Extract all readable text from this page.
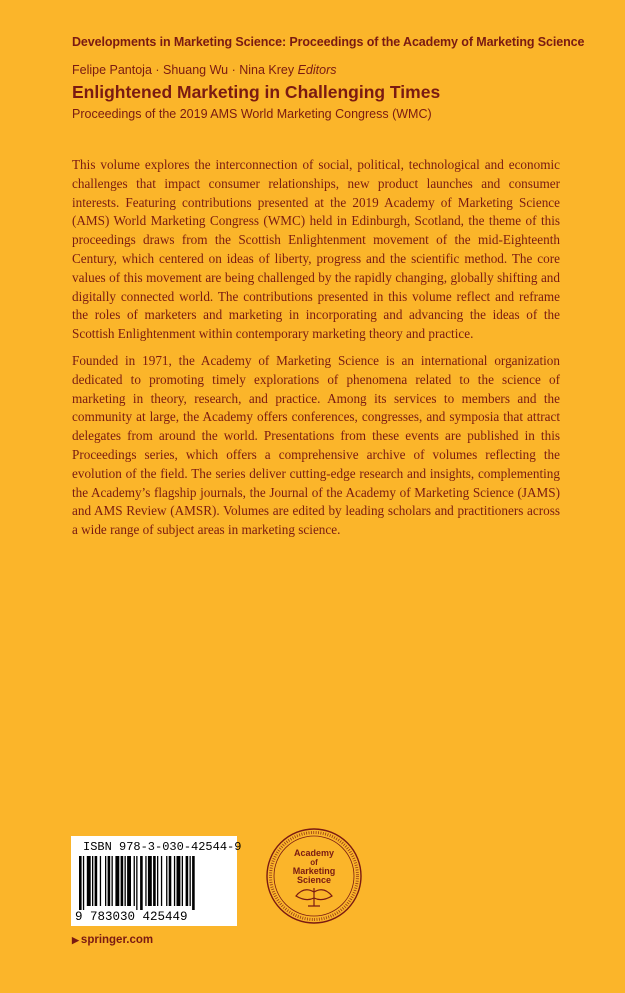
Developments in Marketing Science: Proceedings of the Academy of Marketing Science
Felipe Pantoja · Shuang Wu · Nina Krey Editors
Enlightened Marketing in Challenging Times
Proceedings of the 2019 AMS World Marketing Congress (WMC)

This volume explores the interconnection of social, political, technological and economic challenges that impact consumer relationships, new product launches and consumer interests. Featuring contributions presented at the 2019 Academy of Marketing Science (AMS) World Marketing Congress (WMC) held in Edinburgh, Scotland, the theme of this proceedings draws from the Scottish Enlightenment movement of the mid-Eighteenth Century, which centered on ideas of liberty, progress and the scientific method. The core values of this movement are being challenged by the rapidly changing, globally shifting and digitally connected world. The contributions presented in this volume reflect and reframe the roles of marketers and marketing in incorporating and advancing the ideas of the Scottish Enlightenment within contemporary marketing theory and practice.

Founded in 1971, the Academy of Marketing Science is an international organization dedicated to promoting timely explorations of phenomena related to the science of marketing in theory, research, and practice. Among its services to members and the community at large, the Academy offers conferences, congresses, and symposia that attract delegates from around the world. Presentations from these events are published in this Proceedings series, which offers a comprehensive archive of volumes reflecting the evolution of the field. The series deliver cutting-edge research and insights, complementing the Academy’s flagship journals, the Journal of the Academy of Marketing Science (JAMS) and AMS Review (AMSR). Volumes are edited by leading scholars and practitioners across a wide range of subject areas in marketing science.

ISBN 978-3-030-42544-9
9 783030 425449
Academy
of
Marketing
Science
▶ springer.com
